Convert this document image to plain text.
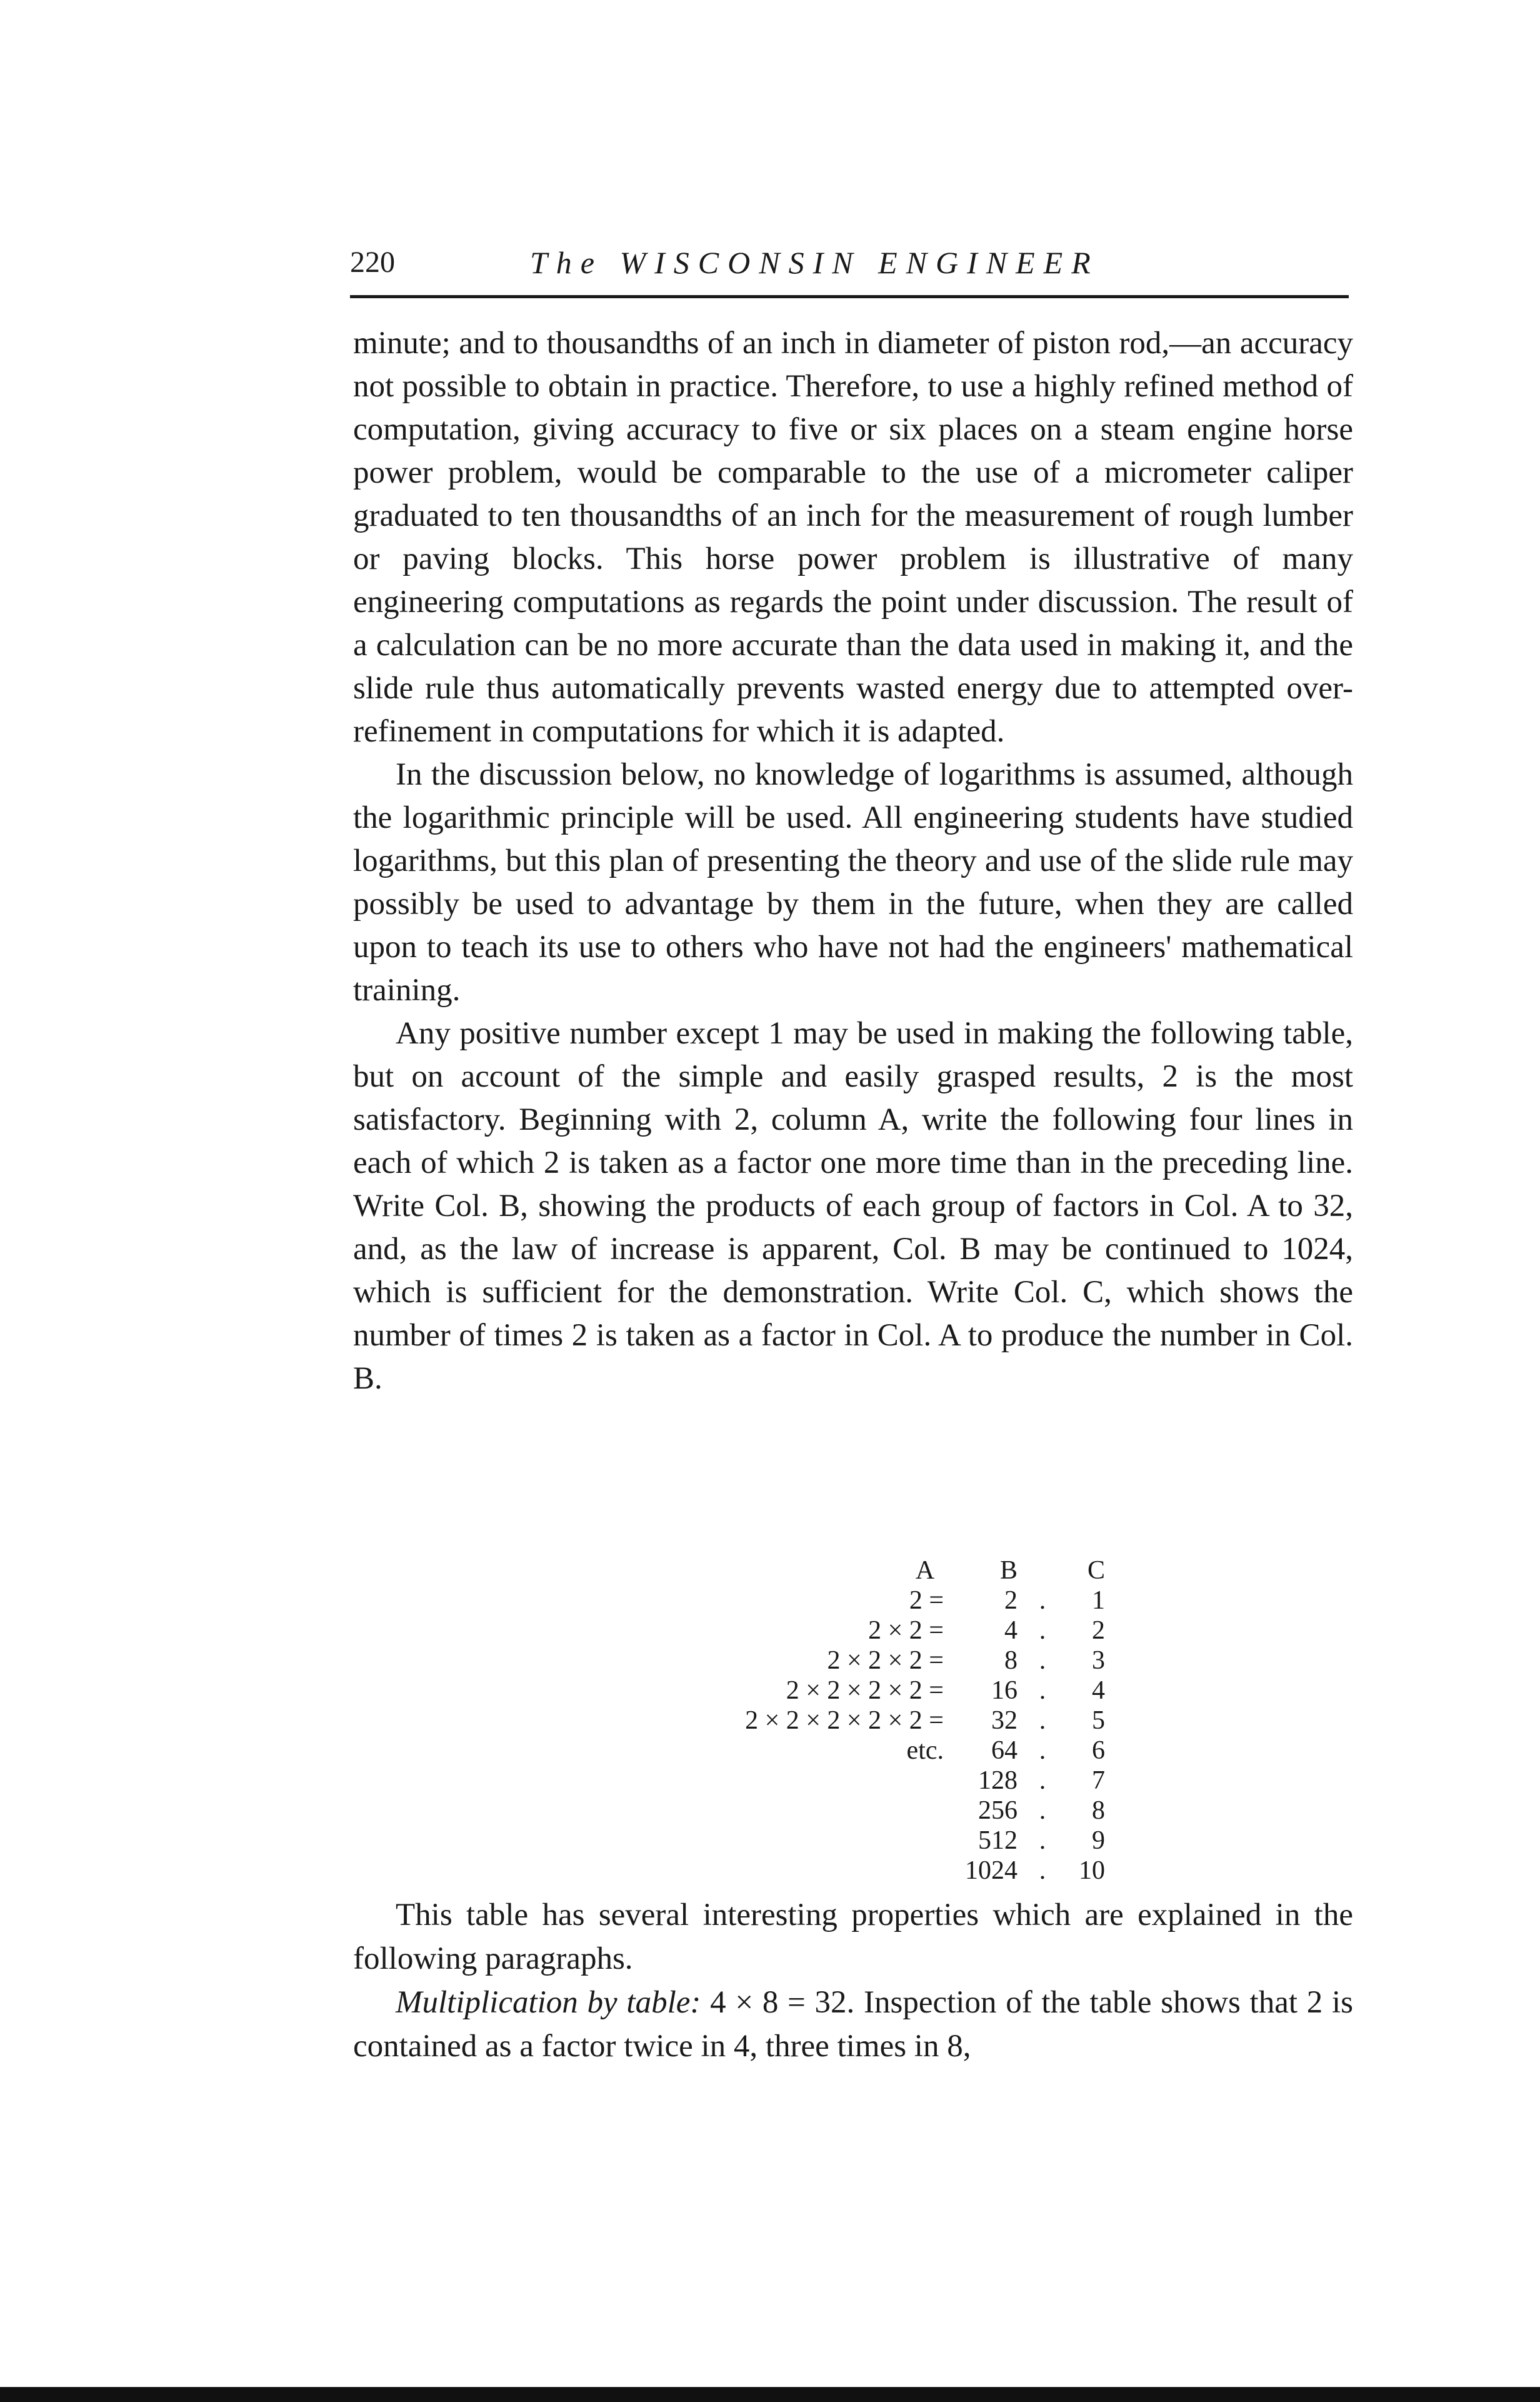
220	The WISCONSIN ENGINEER

minute; and to thousandths of an inch in diameter of piston rod,—an accuracy not possible to obtain in practice. Therefore, to use a highly refined method of computation, giving accuracy to five or six places on a steam engine horse power problem, would be comparable to the use of a micrometer caliper graduated to ten thousandths of an inch for the measurement of rough lumber or paving blocks. This horse power problem is illustrative of many engineering computations as regards the point under discussion. The result of a calculation can be no more accurate than the data used in making it, and the slide rule thus automatically prevents wasted energy due to attempted over-refinement in computations for which it is adapted.

In the discussion below, no knowledge of logarithms is assumed, although the logarithmic principle will be used. All engineering students have studied logarithms, but this plan of presenting the theory and use of the slide rule may possibly be used to advantage by them in the future, when they are called upon to teach its use to others who have not had the engineers' mathematical training.

Any positive number except 1 may be used in making the following table, but on account of the simple and easily grasped results, 2 is the most satisfactory. Beginning with 2, column A, write the following four lines in each of which 2 is taken as a factor one more time than in the preceding line. Write Col. B, showing the products of each group of factors in Col. A to 32, and, as the law of increase is apparent, Col. B may be continued to 1024, which is sufficient for the demonstration. Write Col. C, which shows the number of times 2 is taken as a factor in Col. A to produce the number in Col. B.

A	B		C
2 =	2	.	1
2 × 2 =	4	.	2
2 × 2 × 2 =	8	.	3
2 × 2 × 2 × 2 =	16	.	4
2 × 2 × 2 × 2 × 2 =	32	.	5
etc.	64	.	6
	128	.	7
	256	.	8
	512	.	9
	1024	.	10

This table has several interesting properties which are explained in the following paragraphs.

Multiplication by table: 4 × 8 = 32. Inspection of the table shows that 2 is contained as a factor twice in 4, three times in 8,
